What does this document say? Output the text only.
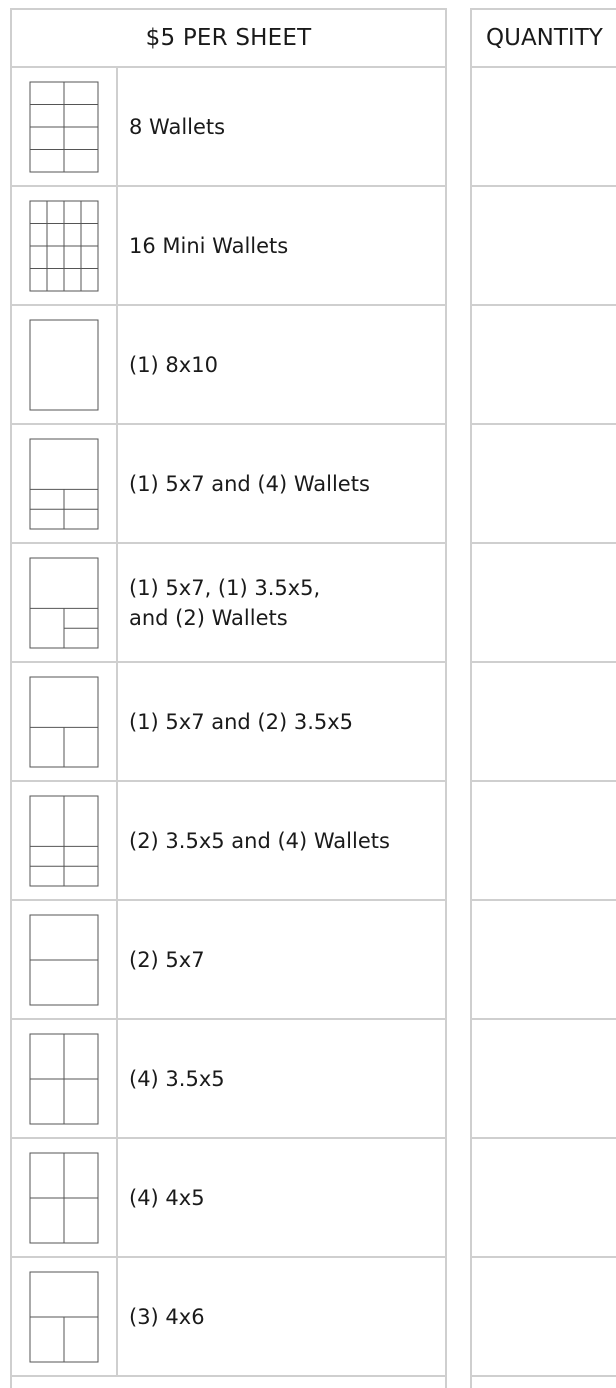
$5 PER SHEET
8 Wallets
16 Mini Wallets
(1) 8x10
(1) 5x7 and (4) Wallets
(1) 5x7, (1) 3.5x5,
and (2) Wallets
(1) 5x7 and (2) 3.5x5
(2) 3.5x5 and (4) Wallets
(2) 5x7
(4) 3.5x5
(4) 4x5
(3) 4x6
QUANTITY
